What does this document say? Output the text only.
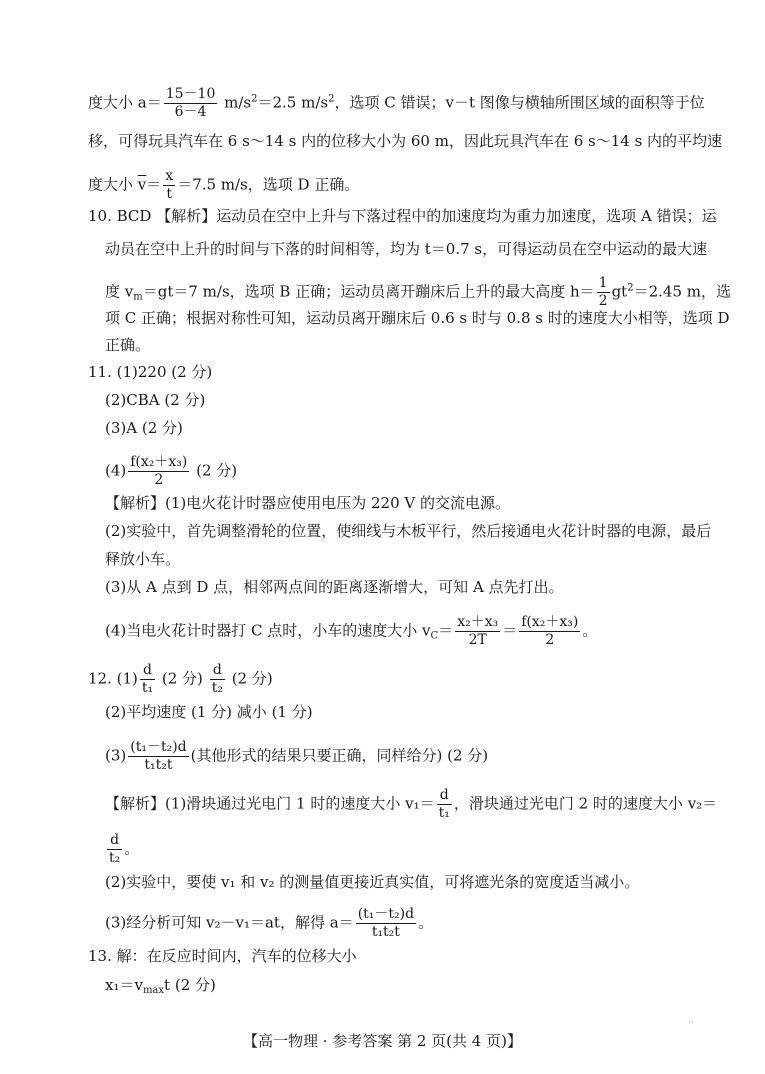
度大小 $a= \frac{15-10}{6-4} m/s^2=2.5$ $m/s^2$，选项 C 错误；v－t 图像与横轴所围区域的面积等于位
移，可得玩具汽车在 6 s～14 s 内的位移大小为 60 m，因此玩具汽车在 6 s～14 s 内的平均速
度大小 $\overline{v}= \frac{x}{t} =7.5$ m/s，选项 D 正确。
10. BCD 【解析】运动员在空中上升与下落过程中的加速度均为重力加速度，选项 A 错误；运
动员在空中上升的时间与下落的时间相等，均为 t＝0.7 s，可得运动员在空中运动的最大速
度 $v_m=gt=7$ m/s，选项 B 正确；运动员离开蹦床后上升的最大高度 $h= \frac{1}{2} gt^2=2.45$ m，选
项 C 正确；根据对称性可知，运动员离开蹦床后 0.6 s 时与 0.8 s 时的速度大小相等，选项 D
正确。
11. (1)220 (2 分)
(2)CBA (2 分)
(3)A (2 分)
$(4) \frac{\text{f(x₂＋x₃)}}{2} (2$ 分)
【解析】(1)电火花计时器应使用电压为 220 V 的交流电源。
(2)实验中，首先调整滑轮的位置，使细线与木板平行，然后接通电火花计时器的电源，最后
释放小车。
(3)从 A 点到 D 点，相邻两点间的距离逐渐增大，可知 A 点先打出。
(4)当电火花计时器打 C 点时，小车的速度大小 $v_C= \frac{\text{x₂＋x₃}}{2T} = \frac{\text{f(x₂＋x₃)}}{2}$ 。
12. $(1) \frac{d}{\text{t₁}} (2$ 分) $\frac{d}{\text{t₂}} (2$ 分)
(2)平均速度 (1 分) 减小 (1 分)
$(3) \frac{\text{(t₁－t₂)d}}{\text{t₁t₂t}}$ (其他形式的结果只要正确，同样给分) (2 分)
【解析】(1)滑块通过光电门 1 时的速度大小 $v_1= \frac{d}{\text{t₁}}$ ，滑块通过光电门 2 时的速度大小 v₂＝
$\frac{d}{\text{t₂}}$ 。
(2)实验中，要使 v₁ 和 v₂ 的测量值更接近真实值，可将遮光条的宽度适当减小。
(3)经分析可知 v₂－v₁＝at，解得 $a= \frac{\text{(t₁－t₂)d}}{\text{t₁t₂t}}$ 。
13. 解：在反应时间内，汽车的位移大小
$x_1=v_{max}t$ (2 分)
【高一物理 · 参考答案 第 2 页(共 4 页)】
··
